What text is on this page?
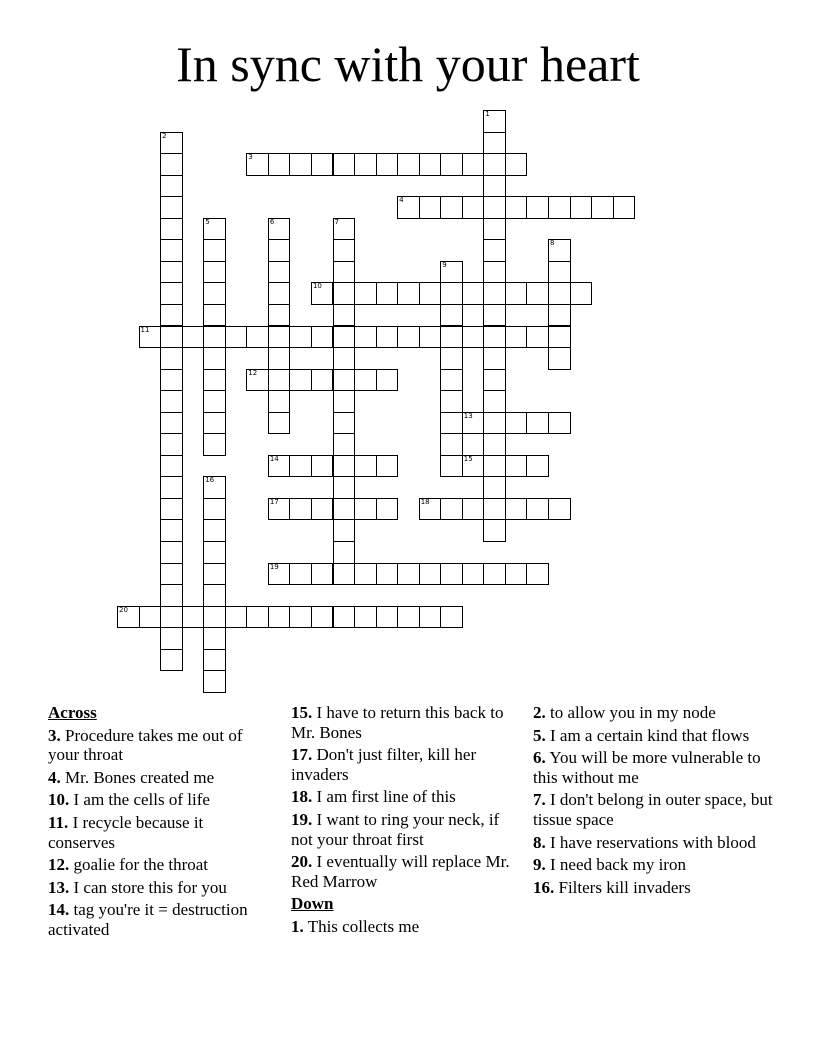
In sync with your heart
1
2
3
4
5	6	7
8
9
10
11
12
13
14	15
16
17	18
19
20
Across
3. Procedure takes me out of your throat
4. Mr. Bones created me
10. I am the cells of life
11. I recycle because it conserves
12. goalie for the throat
13. I can store this for you
14. tag you're it = destruction activated
15. I have to return this back to Mr. Bones
17. Don't just filter, kill her invaders
18. I am first line of this
19. I want to ring your neck, if not your throat first
20. I eventually will replace Mr. Red Marrow
Down
1. This collects me
2. to allow you in my node
5. I am a certain kind that flows
6. You will be more vulnerable to this without me
7. I don't belong in outer space, but tissue space
8. I have reservations with blood
9. I need back my iron
16. Filters kill invaders
